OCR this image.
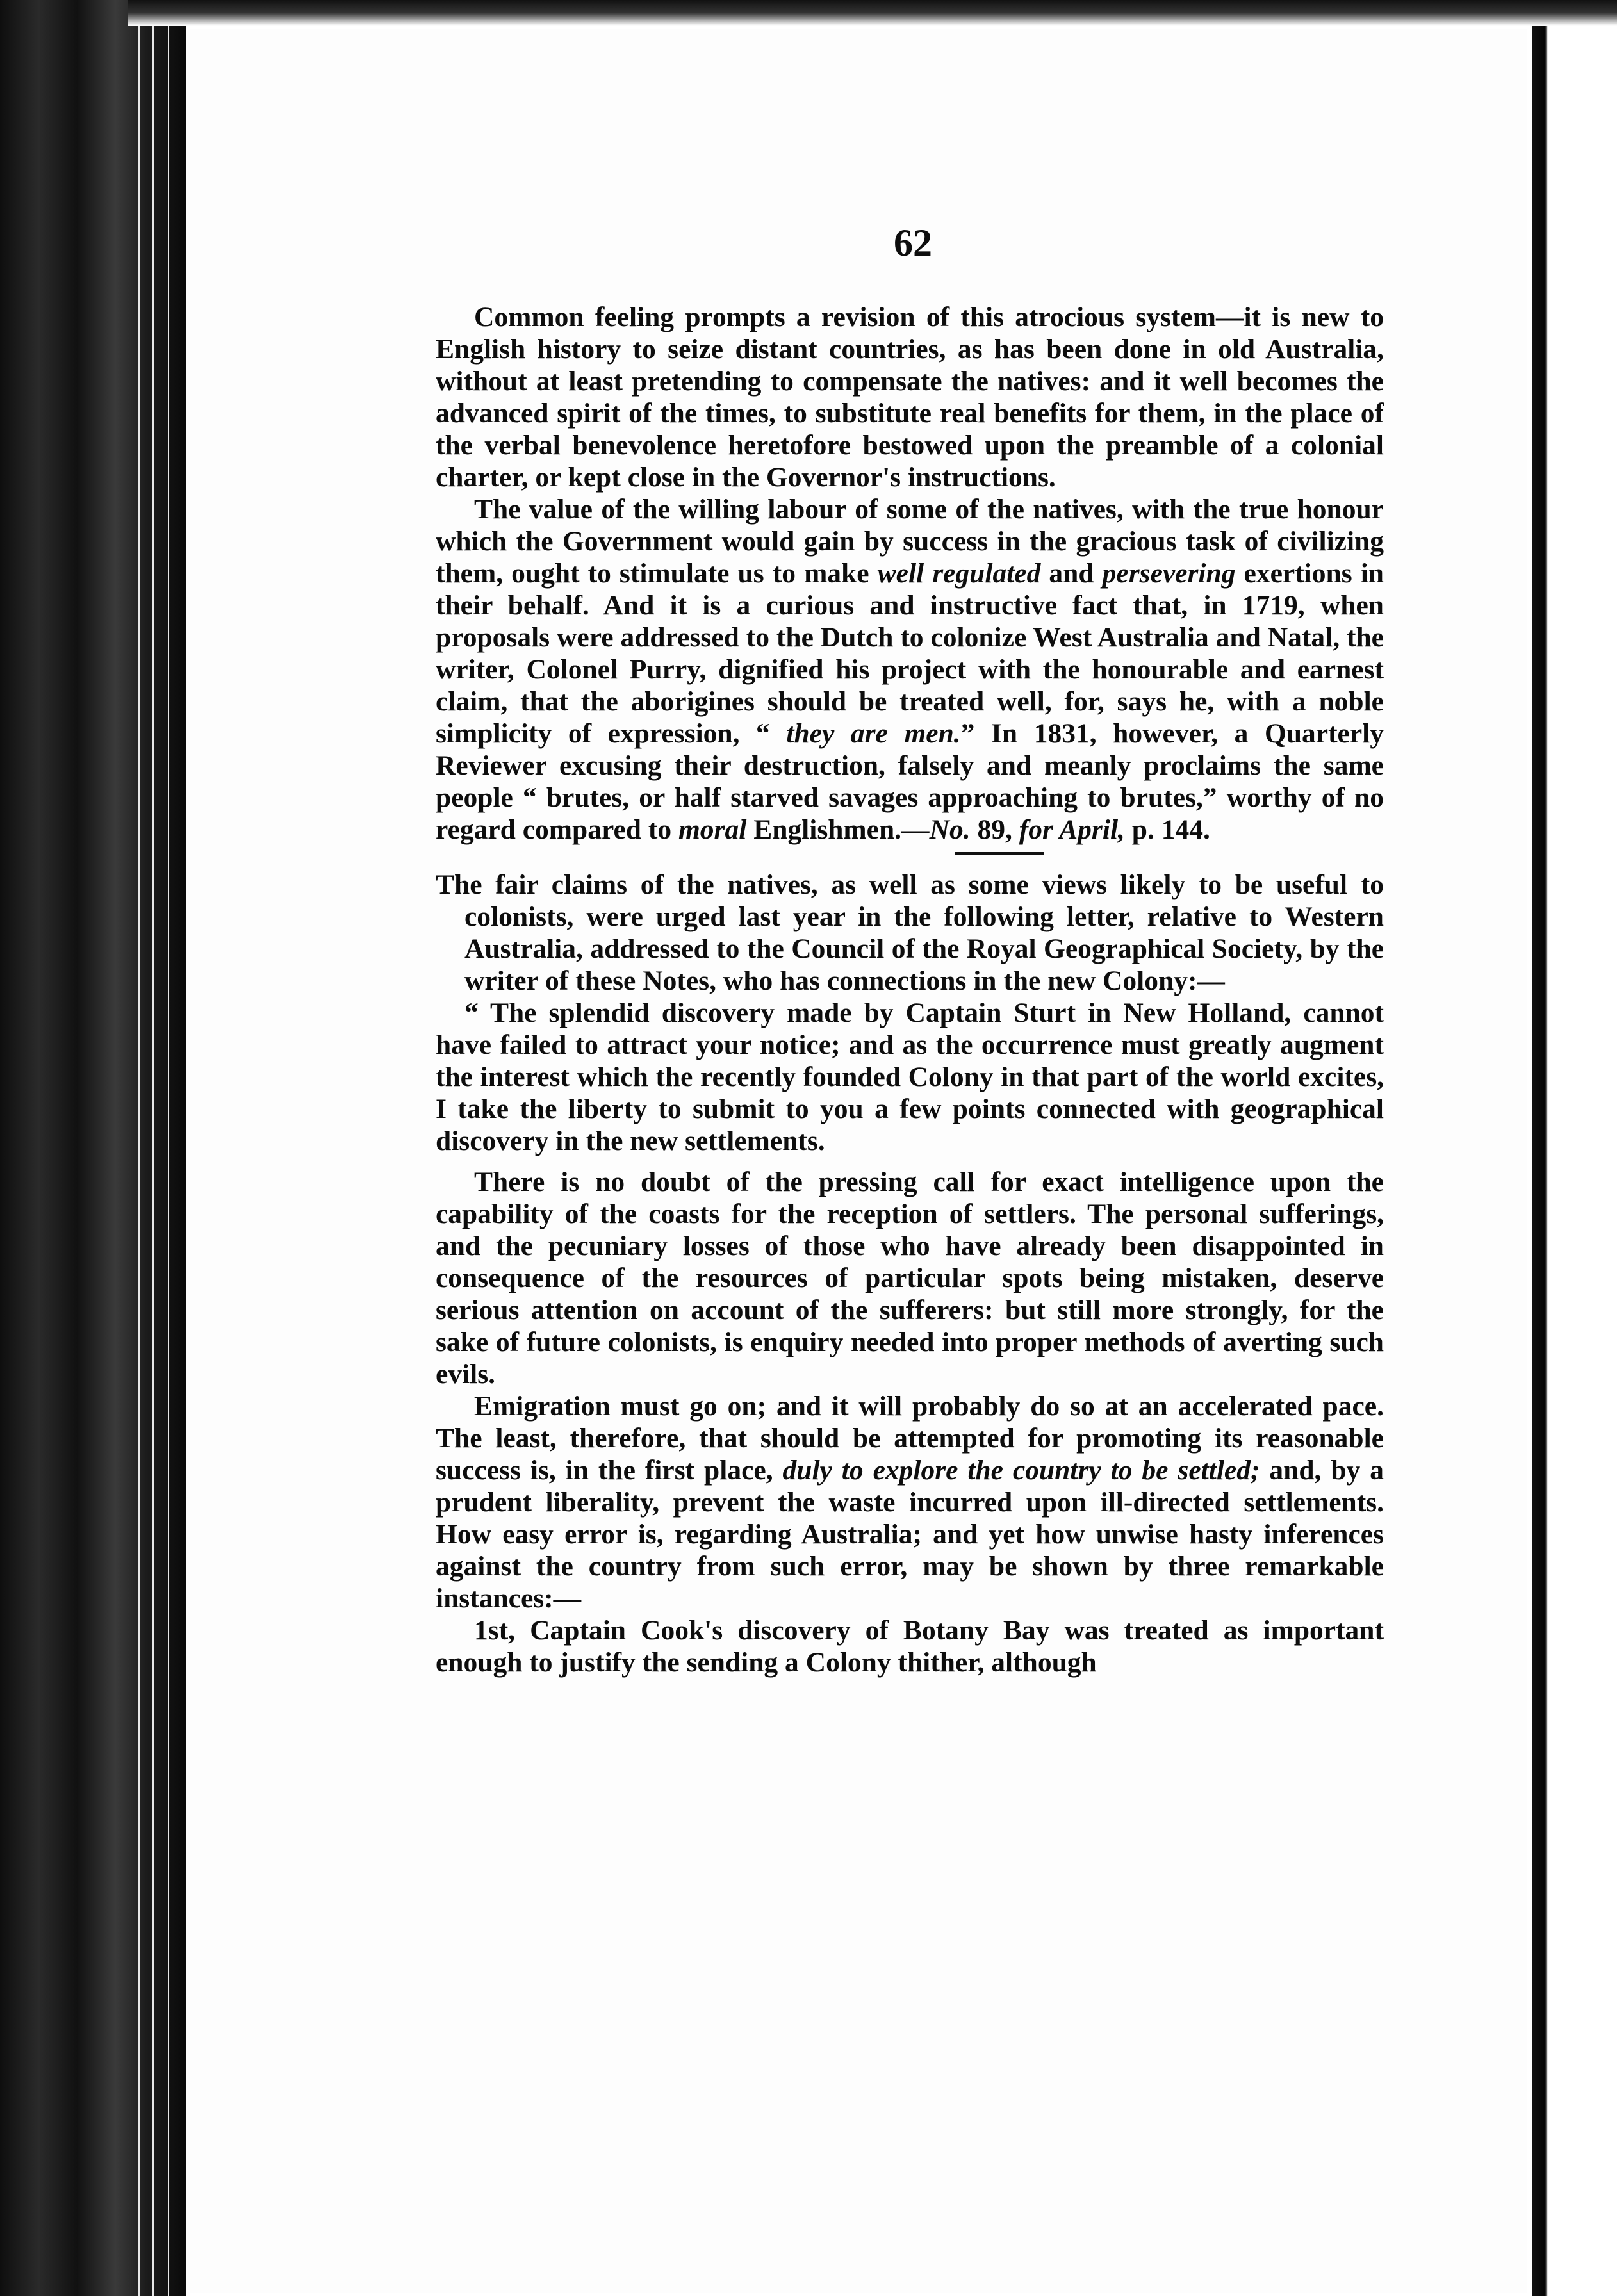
62

Common feeling prompts a revision of this atrocious system—it is new to English history to seize distant countries, as has been done in old Australia, without at least pretending to compensate the natives: and it well becomes the advanced spirit of the times, to substitute real benefits for them, in the place of the verbal benevolence heretofore bestowed upon the preamble of a colonial charter, or kept close in the Governor's instructions.

The value of the willing labour of some of the natives, with the true honour which the Government would gain by success in the gracious task of civilizing them, ought to stimulate us to make well regulated and persevering exertions in their behalf. And it is a curious and instructive fact that, in 1719, when proposals were addressed to the Dutch to colonize West Australia and Natal, the writer, Colonel Purry, dignified his project with the honourable and earnest claim, that the aborigines should be treated well, for, says he, with a noble simplicity of expression, “ they are men.” In 1831, however, a Quarterly Reviewer excusing their destruction, falsely and meanly proclaims the same people “ brutes, or half starved savages approaching to brutes,” worthy of no regard compared to moral Englishmen.—No. 89, for April, p. 144.

The fair claims of the natives, as well as some views likely to be useful to colonists, were urged last year in the following letter, relative to Western Australia, addressed to the Council of the Royal Geographical Society, by the writer of these Notes, who has connections in the new Colony:—

“ The splendid discovery made by Captain Sturt in New Holland, cannot have failed to attract your notice; and as the occurrence must greatly augment the interest which the recently founded Colony in that part of the world excites, I take the liberty to submit to you a few points connected with geographical discovery in the new settlements.

There is no doubt of the pressing call for exact intelligence upon the capability of the coasts for the reception of settlers. The personal sufferings, and the pecuniary losses of those who have already been disappointed in consequence of the resources of particular spots being mistaken, deserve serious attention on account of the sufferers: but still more strongly, for the sake of future colonists, is enquiry needed into proper methods of averting such evils.

Emigration must go on; and it will probably do so at an accelerated pace. The least, therefore, that should be attempted for promoting its reasonable success is, in the first place, duly to explore the country to be settled; and, by a prudent liberality, prevent the waste incurred upon ill-directed settlements. How easy error is, regarding Australia; and yet how unwise hasty inferences against the country from such error, may be shown by three remarkable instances:—

1st, Captain Cook's discovery of Botany Bay was treated as important enough to justify the sending a Colony thither, although
